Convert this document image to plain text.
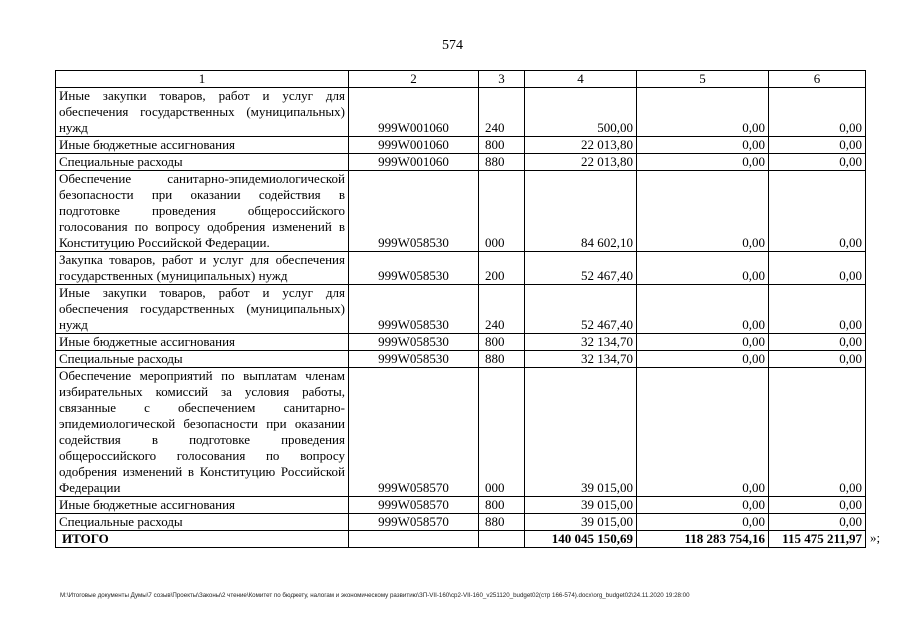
574
1	2	3	4	5	6
Иные закупки товаров, работ и услуг для обеспечения государственных (муниципальных) нужд	999W001060	240	500,00	0,00	0,00
Иные бюджетные ассигнования	999W001060	800	22 013,80	0,00	0,00
Специальные расходы	999W001060	880	22 013,80	0,00	0,00
Обеспечение санитарно-эпидемиологической безопасности при оказании содействия в подготовке проведения общероссийского голосования по вопросу одобрения изменений в Конституцию Российской Федерации.	999W058530	000	84 602,10	0,00	0,00
Закупка товаров, работ и услуг для обеспечения государственных (муниципальных) нужд	999W058530	200	52 467,40	0,00	0,00
Иные закупки товаров, работ и услуг для обеспечения государственных (муниципальных) нужд	999W058530	240	52 467,40	0,00	0,00
Иные бюджетные ассигнования	999W058530	800	32 134,70	0,00	0,00
Специальные расходы	999W058530	880	32 134,70	0,00	0,00
Обеспечение мероприятий по выплатам членам избирательных комиссий за условия работы, связанные с обеспечением санитарно-эпидемиологической безопасности при оказании содействия в подготовке проведения общероссийского голосования по вопросу одобрения изменений в Конституцию Российской Федерации	999W058570	000	39 015,00	0,00	0,00
Иные бюджетные ассигнования	999W058570	800	39 015,00	0,00	0,00
Специальные расходы	999W058570	880	39 015,00	0,00	0,00
ИТОГО			140 045 150,69	118 283 754,16	115 475 211,97 »;
M:\Итоговые документы Думы\7 созыв\Проекты\Законы\2 чтение\Комитет по бюджету, налогам и экономическому развитию\ЗП-VII-160\ср2-VII-160_v251120_budget02(стр 166-574).docx\org_budget02\24.11.2020 19:28:00
